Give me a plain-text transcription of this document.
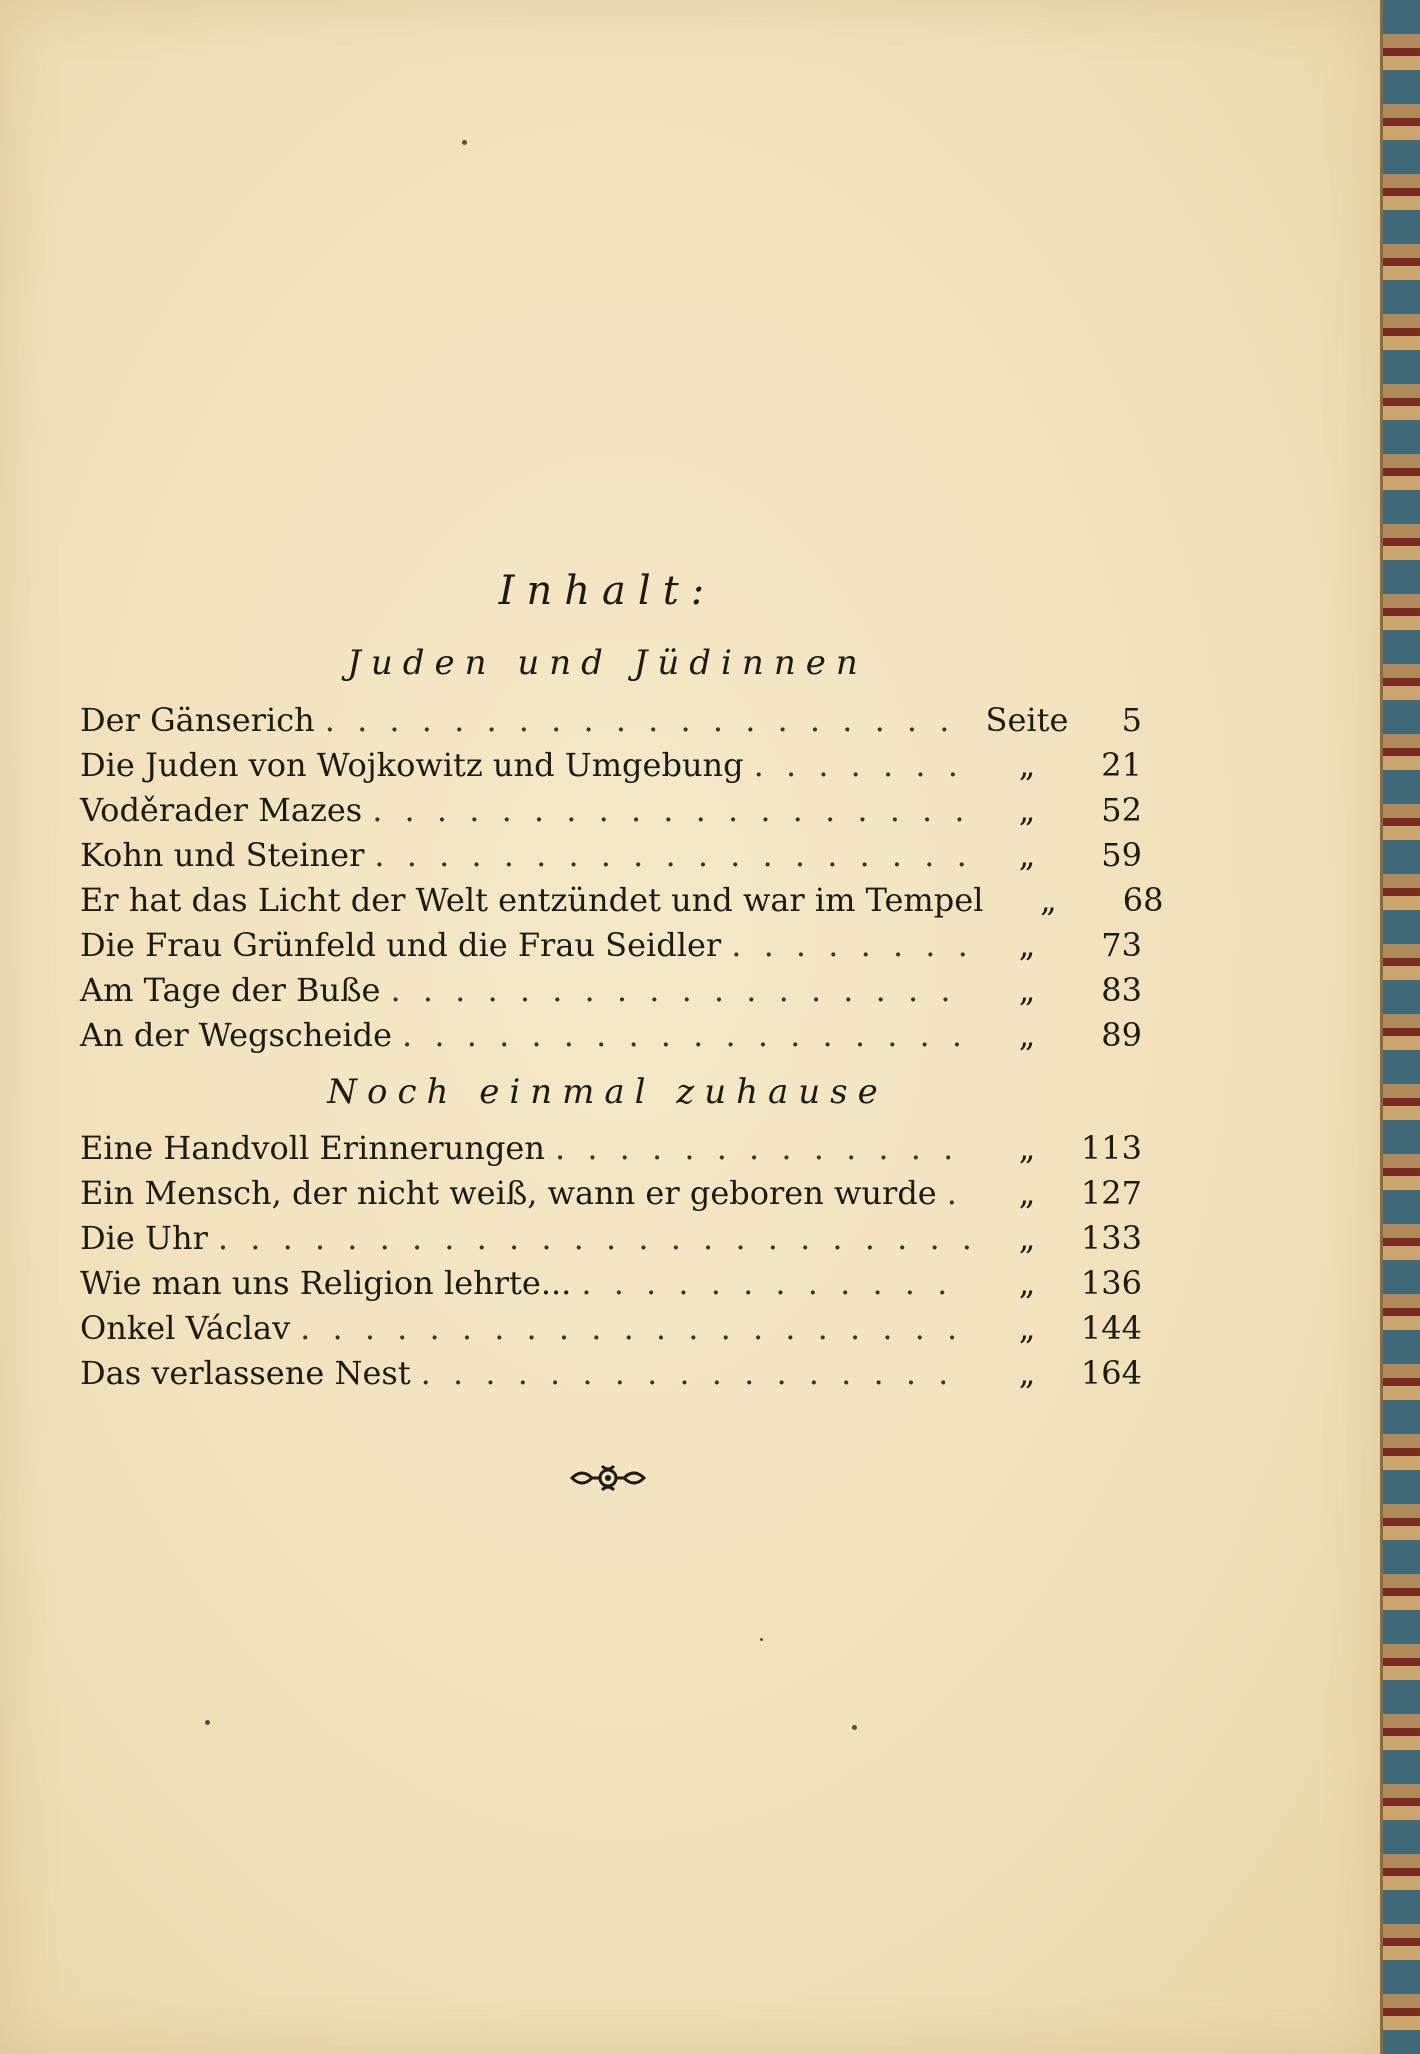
Inhalt:
Juden und Jüdinnen
Der Gänserich . . .	Seite	5
Die Juden von Wojkowitz und Umgebung . . .	„	21
Voděrader Mazes . . .	„	52
Kohn und Steiner . . .	„	59
Er hat das Licht der Welt entzündet und war im Tempel	„	68
Die Frau Grünfeld und die Frau Seidler . . .	„	73
Am Tage der Buße . . .	„	83
An der Wegscheide . . .	„	89
Noch einmal zuhause
Eine Handvoll Erinnerungen . . .	„	113
Ein Mensch, der nicht weiß, wann er geboren wurde . . .	„	127
Die Uhr . . .	„	133
Wie man uns Religion lehrte... . . .	„	136
Onkel Václav . . .	„	144
Das verlassene Nest . . .	„	164
